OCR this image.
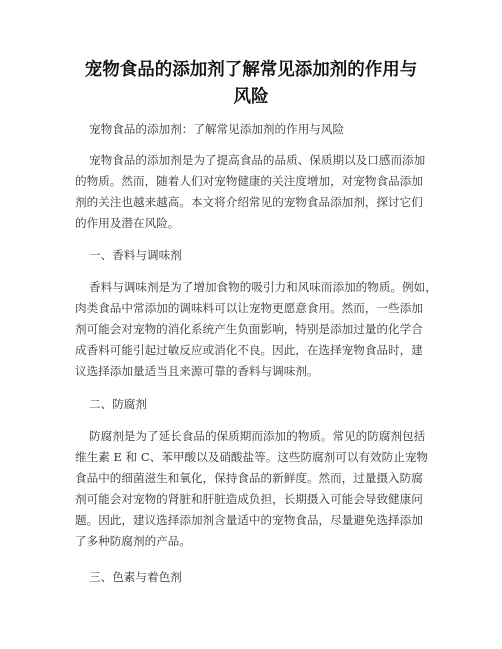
宠物食品的添加剂了解常见添加剂的作用与
风险
宠物食品的添加剂：了解常见添加剂的作用与风险
宠物食品的添加剂是为了提高食品的品质、保质期以及口感而添加
的物质。然而，随着人们对宠物健康的关注度增加，对宠物食品添加
剂的关注也越来越高。本文将介绍常见的宠物食品添加剂，探讨它们
的作用及潜在风险。
一、香料与调味剂
香料与调味剂是为了增加食物的吸引力和风味而添加的物质。例如，
肉类食品中常添加的调味料可以让宠物更愿意食用。然而，一些添加
剂可能会对宠物的消化系统产生负面影响，特别是添加过量的化学合
成香料可能引起过敏反应或消化不良。因此，在选择宠物食品时，建
议选择添加量适当且来源可靠的香料与调味剂。
二、防腐剂
防腐剂是为了延长食品的保质期而添加的物质。常见的防腐剂包括
维生素 E 和 C、苯甲酸以及硝酸盐等。这些防腐剂可以有效防止宠物
食品中的细菌滋生和氧化，保持食品的新鲜度。然而，过量摄入防腐
剂可能会对宠物的肾脏和肝脏造成负担，长期摄入可能会导致健康问
题。因此，建议选择添加剂含量适中的宠物食品，尽量避免选择添加
了多种防腐剂的产品。
三、色素与着色剂
